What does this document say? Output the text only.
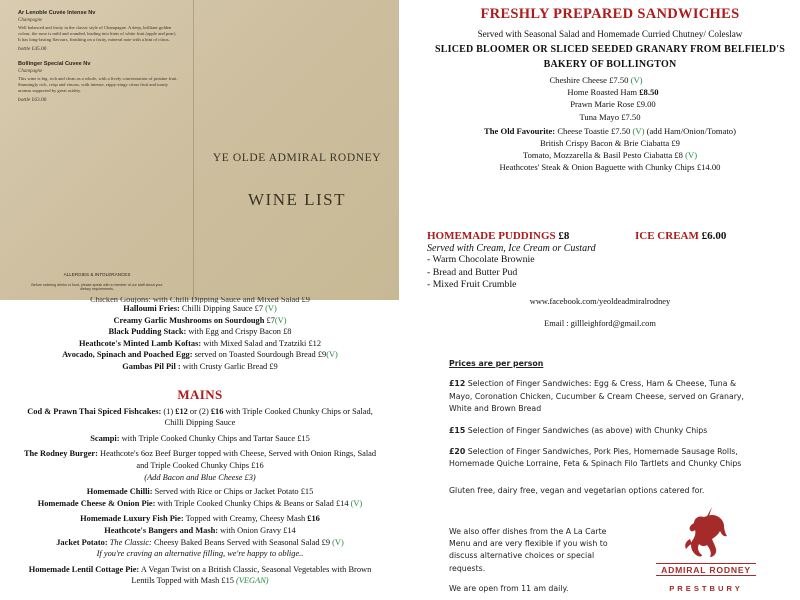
Ar Lenoble Cuvée Intense Nv
Champagne
Well balanced and fruity in the classic style of Champagne. A deep, brilliant golden colour, the nose is mild and rounded, leading into hints of white fruit (apple and pear). It has long-lasting flavours, finishing on a fruity, mineral note with a hint of citrus.
bottle £45.00
Bollinger Special Cuvee Nv
Champagne
This wine is big, rich and clean as a whole, with a lively concentration of pristine fruit. Stunningly rich, crisp and vinous, with intense, zippy-zingy citrus fruit and toasty aromas supported by great acidity.
bottle £63.00
ALLERGIES & INTOLERANCES
Before ordering drinks or food, please speak with a member of our staff about your dietary requirements.
YE OLDE ADMIRAL RODNEY
WINE LIST
FRESHLY PREPARED SANDWICHES
Served with Seasonal Salad and Homemade Curried Chutney/ Coleslaw
SLICED BLOOMER OR SLICED SEEDED GRANARY FROM BELFIELD'S
BAKERY OF BOLLINGTON
Cheshire Cheese £7.50 (V)
Home Roasted Ham £8.50
Prawn Marie Rose £9.00
Tuna Mayo £7.50
The Old Favourite: Cheese Toastie £7.50 (V) (add Ham/Onion/Tomato)
British Crispy Bacon & Brie Ciabatta £9
Tomato, Mozzarella & Basil Pesto Ciabatta £8 (V)
Heathcotes' Steak & Onion Baguette with Chunky Chips £14.00
HOMEMADE PUDDINGS £8
Served with Cream, Ice Cream or Custard
- Warm Chocolate Brownie
- Bread and Butter Pud
- Mixed Fruit Crumble
ICE CREAM £6.00
www.facebook.com/yeoldeadmiralrodney
Email : gillleighford@gmail.com
Chicken Goujons: with Chilli Dipping Sauce and Mixed Salad £9
Halloumi Fries: Chilli Dipping Sauce £7 (V)
Creamy Garlic Mushrooms on Sourdough £7(V)
Black Pudding Stack: with Egg and Crispy Bacon £8
Heathcote's Minted Lamb Koftas: with Mixed Salad and Tzatziki £12
Avocado, Spinach and Poached Egg: served on Toasted Sourdough Bread £9(V)
Gambas Pil Pil : with Crusty Garlic Bread £9
MAINS
Cod & Prawn Thai Spiced Fishcakes: (1) £12 or (2) £16 with Triple Cooked Chunky Chips or Salad, Chilli Dipping Sauce
Scampi: with Triple Cooked Chunky Chips and Tartar Sauce £15
The Rodney Burger: Heathcote's 6oz Beef Burger topped with Cheese, Served with Onion Rings, Salad and Triple Cooked Chunky Chips £16
(Add Bacon and Blue Cheese £3)
Homemade Chilli: Served with Rice or Chips or Jacket Potato £15
Homemade Cheese & Onion Pie: with Triple Cooked Chunky Chips & Beans or Salad £14 (V)
Homemade Luxury Fish Pie: Topped with Creamy, Cheesy Mash £16
Heathcote's Bangers and Mash: with Onion Gravy £14
Jacket Potato: The Classic: Cheesy Baked Beans Served with Seasonal Salad £9 (V)
If you're craving an alternative filling, we're happy to oblige..
Homemade Lentil Cottage Pie: A Vegan Twist on a British Classic, Seasonal Vegetables with Brown Lentils Topped with Mash £15 (VEGAN)
Prices are per person

£12 Selection of Finger Sandwiches: Egg & Cress, Ham & Cheese, Tuna & Mayo, Coronation Chicken, Cucumber & Cream Cheese, served on Granary, White and Brown Bread

£15 Selection of Finger Sandwiches (as above) with Chunky Chips

£20 Selection of Finger Sandwiches, Pork Pies, Homemade Sausage Rolls, Homemade Quiche Lorraine, Feta & Spinach Filo Tartlets and Chunky Chips

Gluten free, dairy free, vegan and vegetarian options catered for.

We also offer dishes from the A La Carte Menu and are very flexible if you wish to discuss alternative choices or special requests.
We are open from 11 am daily.
ADMIRAL RODNEY
PRESTBURY
